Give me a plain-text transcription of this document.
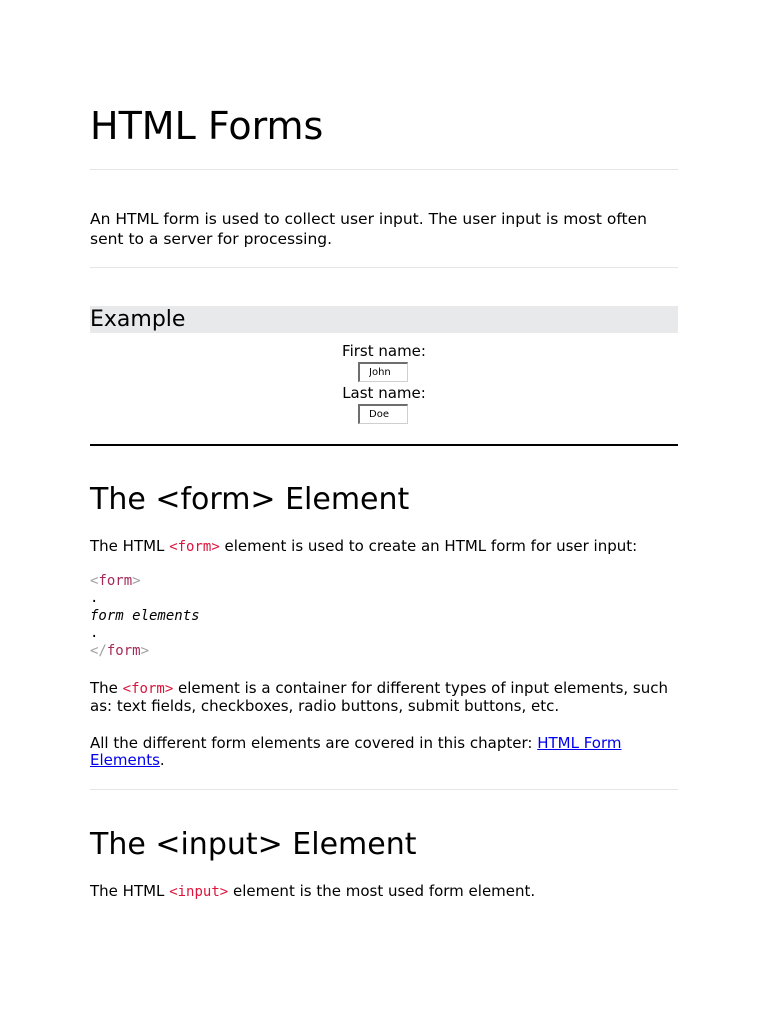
HTML Forms

An HTML form is used to collect user input. The user input is most often sent to a server for processing.

Example
First name:
John
Last name:
Doe
The <form> Element

The HTML <form> element is used to create an HTML form for user input:

<form>
.
form elements
.
</form>

The <form> element is a container for different types of input elements, such as: text fields, checkboxes, radio buttons, submit buttons, etc.

All the different form elements are covered in this chapter: HTML Form Elements.

The <input> Element

The HTML <input> element is the most used form element.
